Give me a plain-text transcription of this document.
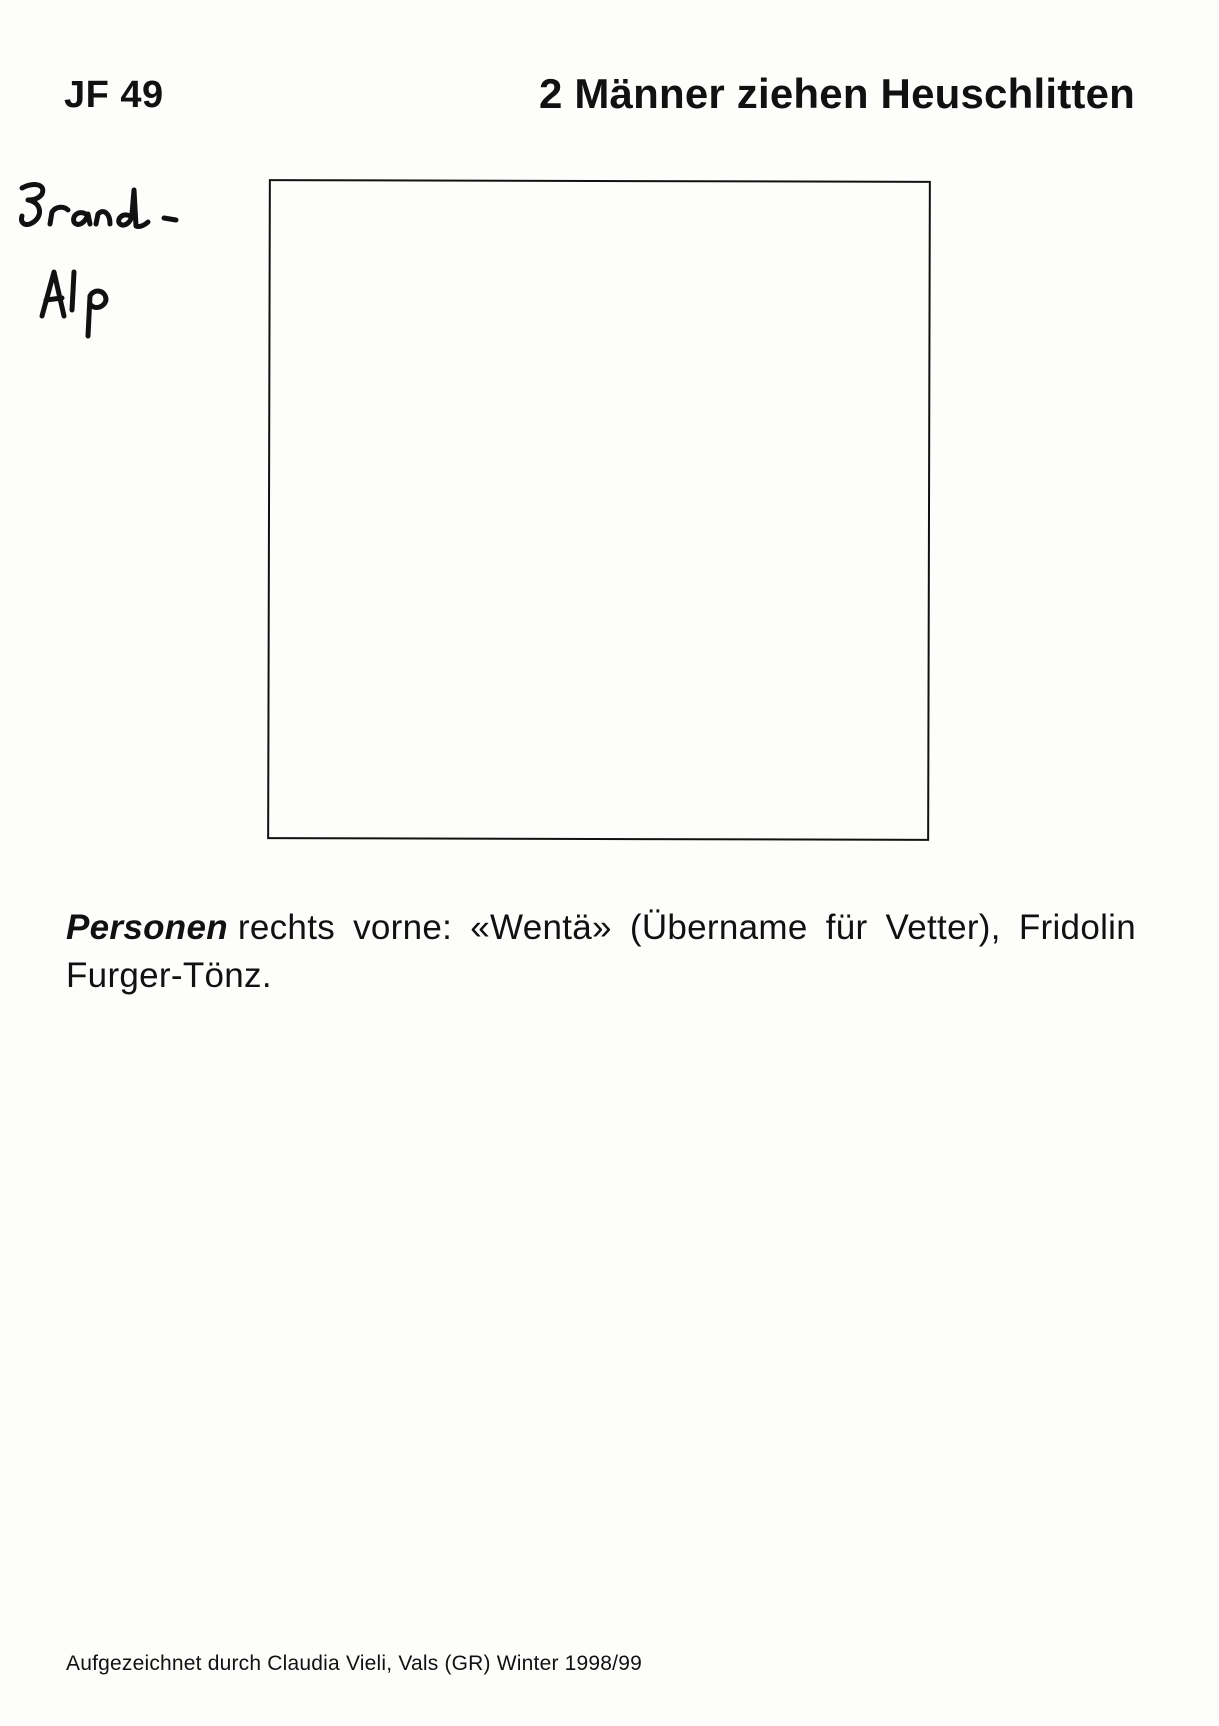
JF 49	2 Männer ziehen Heuschlitten
Personen rechts vorne: «Wentä» (Übername für Vetter), Fridolin Furger-Tönz.
Aufgezeichnet durch Claudia Vieli, Vals (GR) Winter 1998/99
